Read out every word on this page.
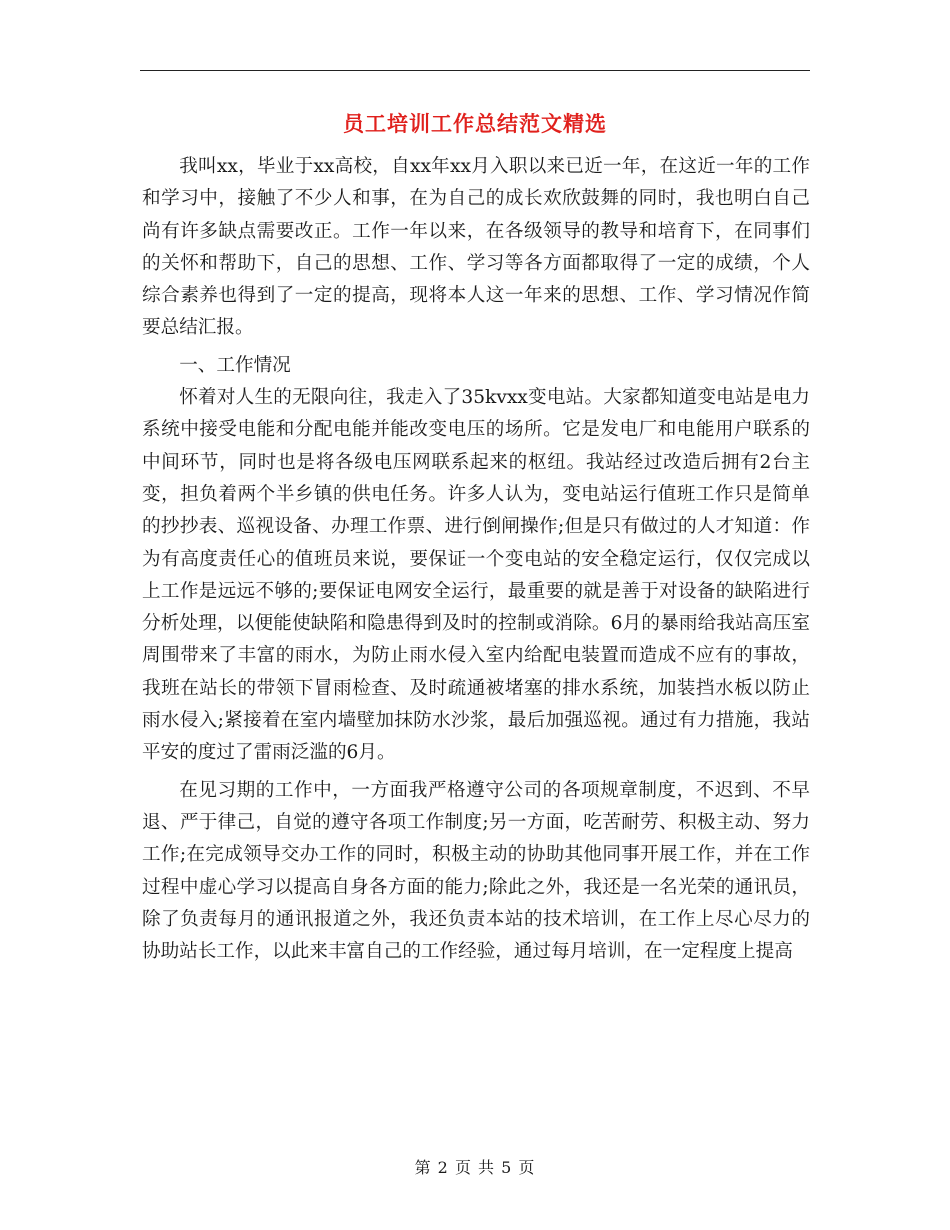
员工培训工作总结范文精选

我叫xx，毕业于xx高校，自xx年xx月入职以来已近一年，在这近一年的工作和学习中，接触了不少人和事，在为自己的成长欢欣鼓舞的同时，我也明白自己尚有许多缺点需要改正。工作一年以来，在各级领导的教导和培育下，在同事们的关怀和帮助下，自己的思想、工作、学习等各方面都取得了一定的成绩，个人综合素养也得到了一定的提高，现将本人这一年来的思想、工作、学习情况作简要总结汇报。

一、工作情况

怀着对人生的无限向往，我走入了35kvxx变电站。大家都知道变电站是电力系统中接受电能和分配电能并能改变电压的场所。它是发电厂和电能用户联系的中间环节，同时也是将各级电压网联系起来的枢纽。我站经过改造后拥有2台主变，担负着两个半乡镇的供电任务。许多人认为，变电站运行值班工作只是简单的抄抄表、巡视设备、办理工作票、进行倒闸操作;但是只有做过的人才知道：作为有高度责任心的值班员来说，要保证一个变电站的安全稳定运行，仅仅完成以上工作是远远不够的;要保证电网安全运行，最重要的就是善于对设备的缺陷进行分析处理，以便能使缺陷和隐患得到及时的控制或消除。6月的暴雨给我站高压室周围带来了丰富的雨水，为防止雨水侵入室内给配电装置而造成不应有的事故，我班在站长的带领下冒雨检查、及时疏通被堵塞的排水系统，加装挡水板以防止雨水侵入;紧接着在室内墙壁加抹防水沙浆，最后加强巡视。通过有力措施，我站平安的度过了雷雨泛滥的6月。

在见习期的工作中，一方面我严格遵守公司的各项规章制度，不迟到、不早退、严于律己，自觉的遵守各项工作制度;另一方面，吃苦耐劳、积极主动、努力工作;在完成领导交办工作的同时，积极主动的协助其他同事开展工作，并在工作过程中虚心学习以提高自身各方面的能力;除此之外，我还是一名光荣的通讯员，除了负责每月的通讯报道之外，我还负责本站的技术培训，在工作上尽心尽力的协助站长工作，以此来丰富自己的工作经验，通过每月培训，在一定程度上提高

第 2 页 共 5 页
